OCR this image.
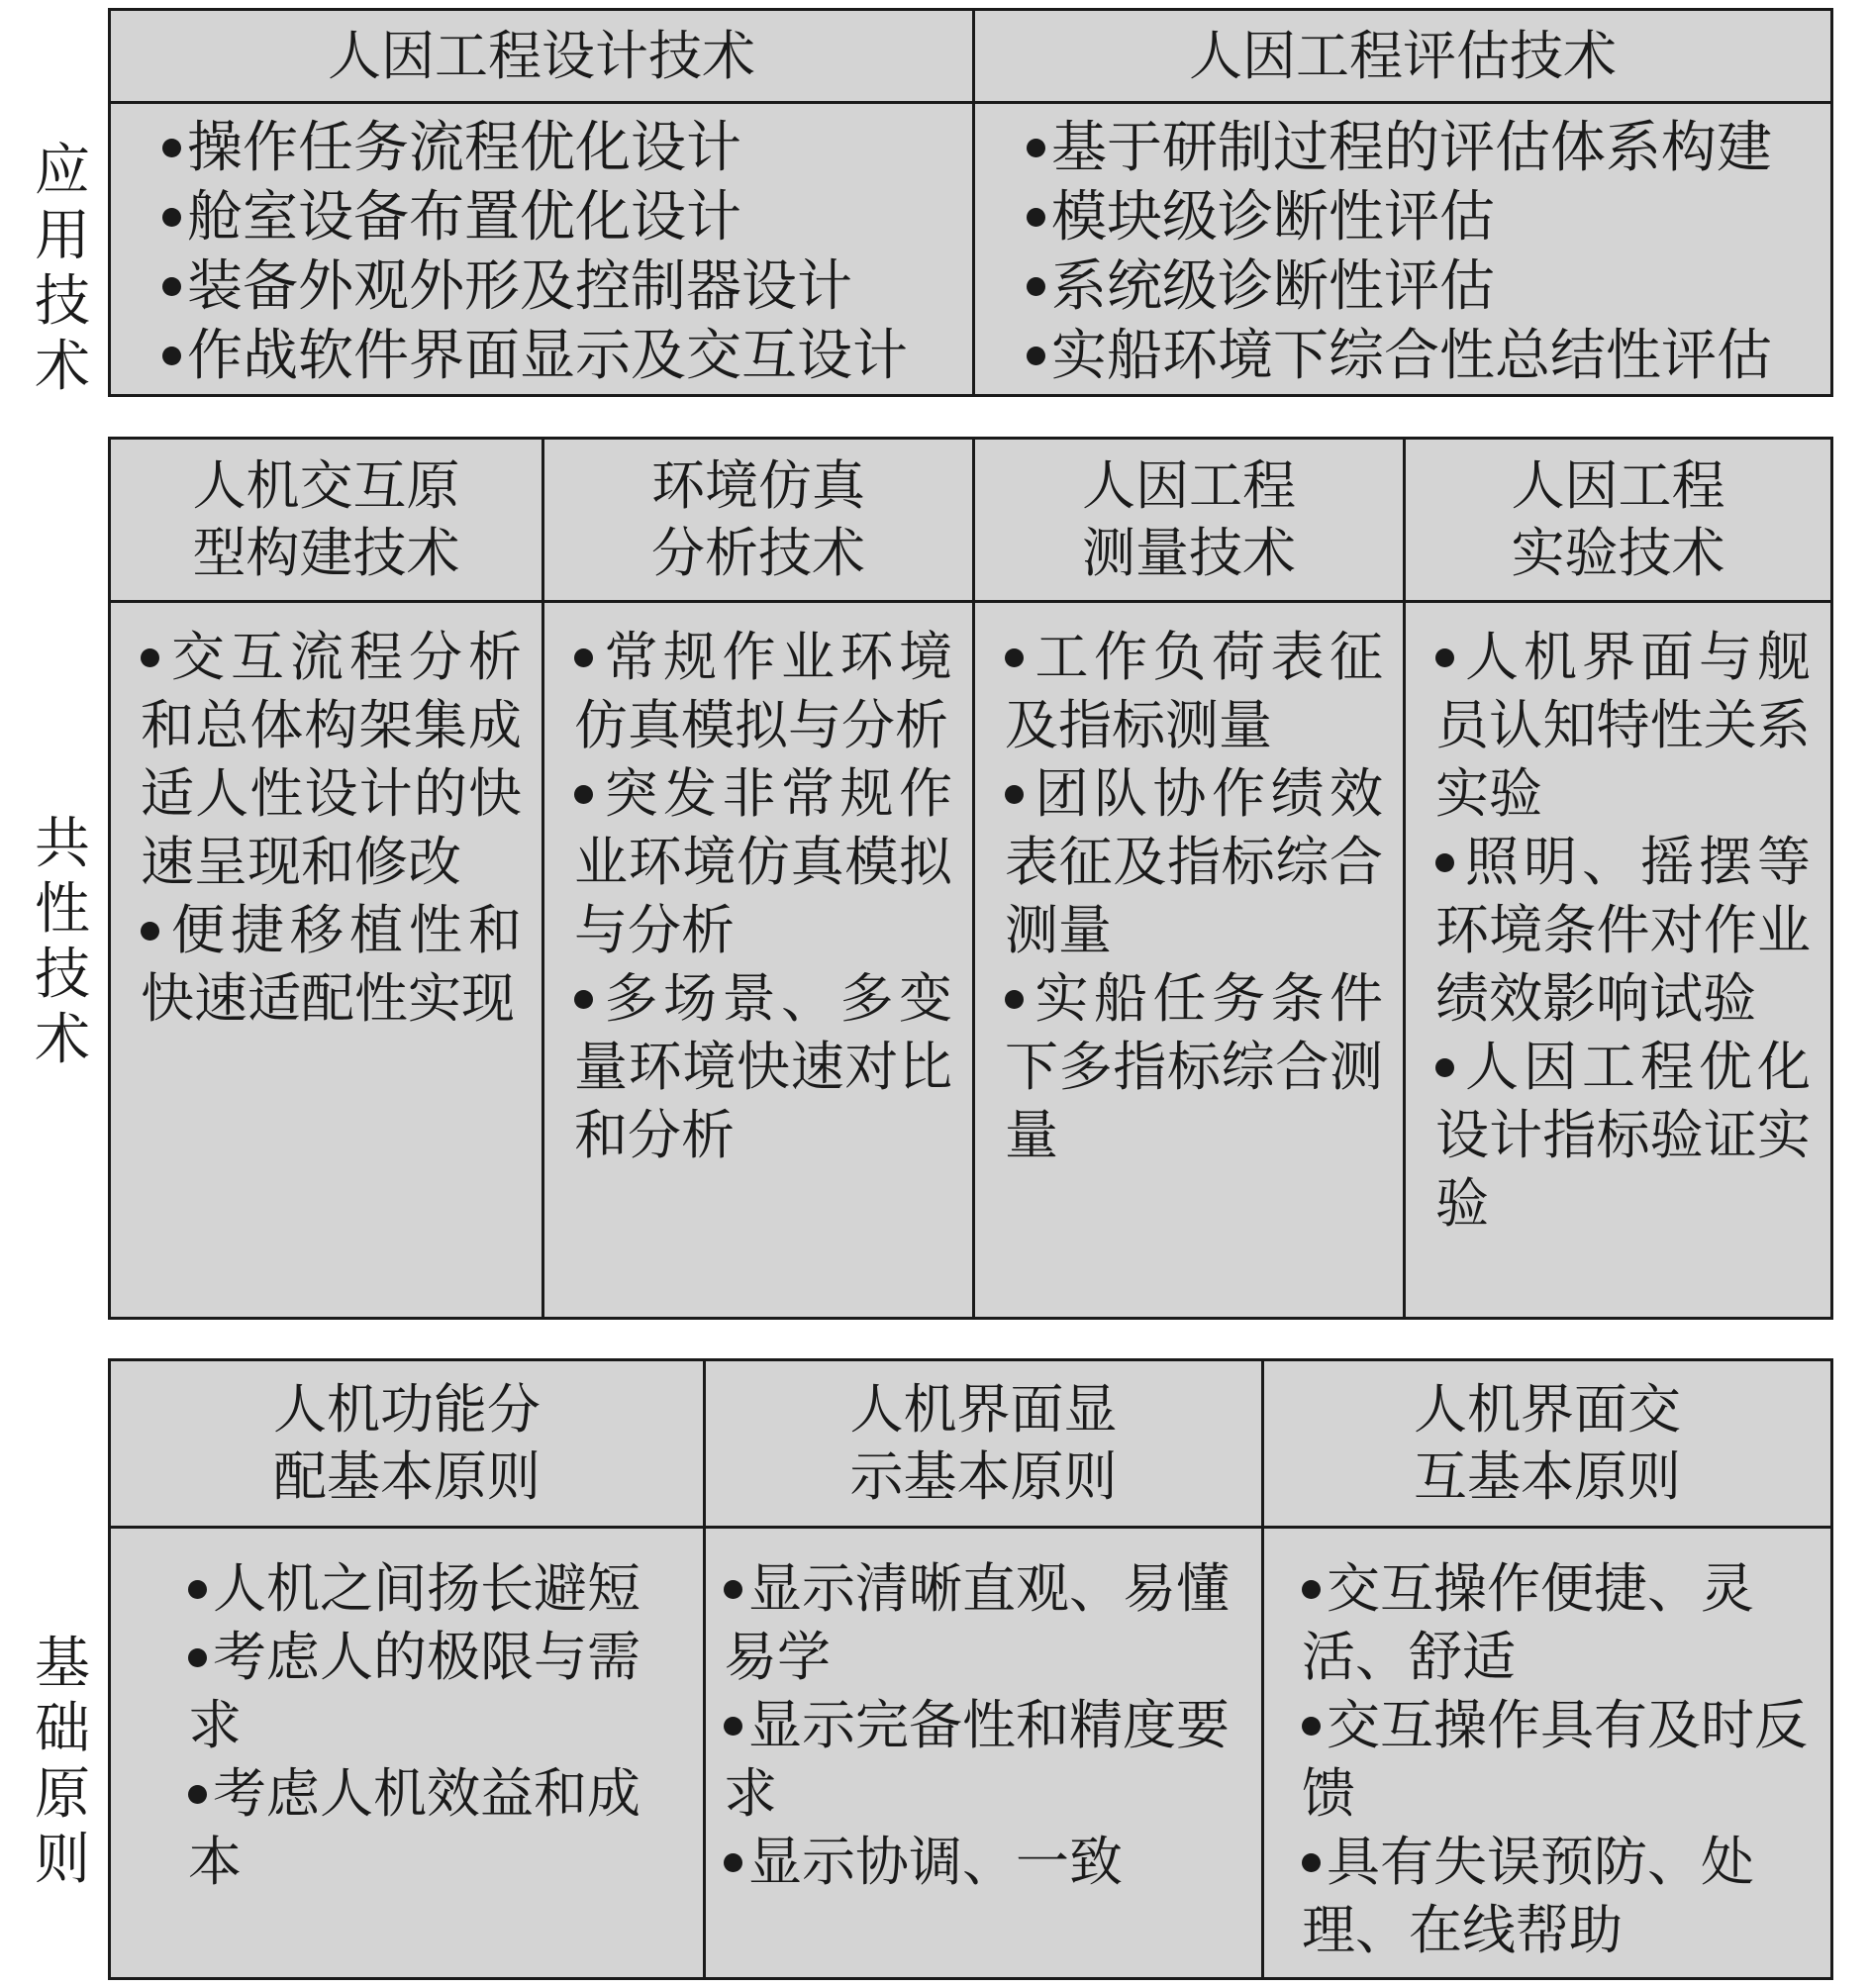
应
用
技
术
共
性
技
术
基
础
原
则
人因工程设计技术
操作任务流程优化设计
舱室设备布置优化设计
装备外观外形及控制器设计
作战软件界面显示及交互设计
人因工程评估技术
基于研制过程的评估体系构建
模块级诊断性评估
系统级诊断性评估
实船环境下综合性总结性评估
人机交互原
型构建技术
交互流程分析和总体构架集成适人性设计的快速呈现和修改
便捷移植性和快速适配性实现
环境仿真
分析技术
常规作业环境仿真模拟与分析
突发非常规作业环境仿真模拟与分析
多场景、多变量环境快速对比和分析
人因工程
测量技术
工作负荷表征及指标测量
团队协作绩效表征及指标综合测量
实船任务条件下多指标综合测量
人因工程
实验技术
人机界面与舰员认知特性关系实验
照明、摇摆等环境条件对作业绩效影响试验
人因工程优化设计指标验证实验
人机功能分
配基本原则
人机之间扬长避短
考虑人的极限与需求
考虑人机效益和成本
人机界面显
示基本原则
显示清晰直观、易懂易学
显示完备性和精度要求
显示协调、一致
人机界面交
互基本原则
交互操作便捷、灵活、舒适
交互操作具有及时反馈
具有失误预防、处理、在线帮助
